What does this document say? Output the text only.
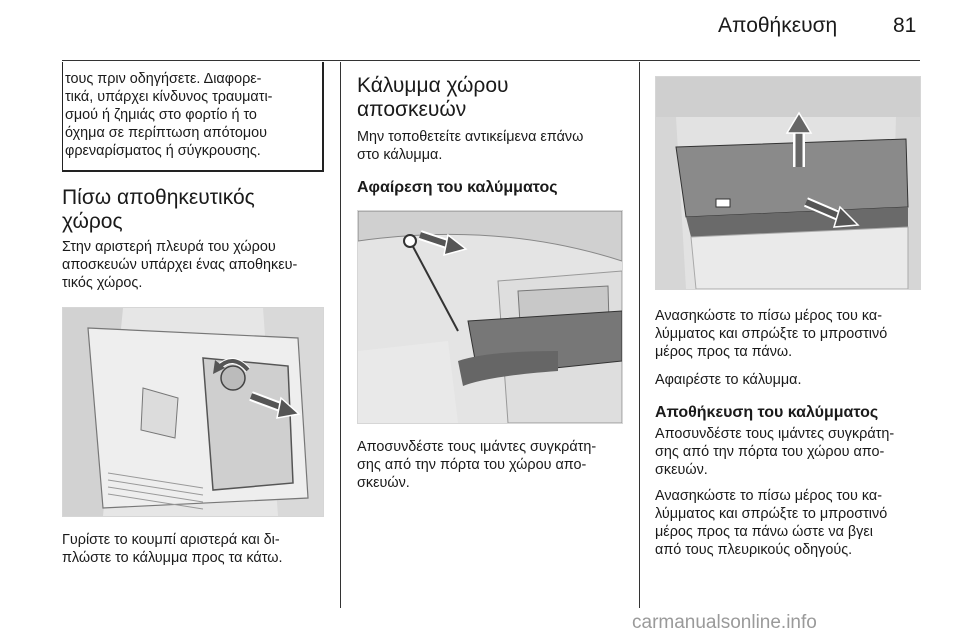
Αποθήκευση	81

τους πριν οδηγήσετε. Διαφορε-
τικά, υπάρχει κίνδυνος τραυματι-
σμού ή ζημιάς στο φορτίο ή το
όχημα σε περίπτωση απότομου
φρεναρίσματος ή σύγκρουσης.

Πίσω αποθηκευτικός
χώρος

Στην αριστερή πλευρά του χώρου
αποσκευών υπάρχει ένας αποθηκευ-
τικός χώρος.

Γυρίστε το κουμπί αριστερά και δι-
πλώστε το κάλυμμα προς τα κάτω.

Κάλυμμα χώρου
αποσκευών

Μην τοποθετείτε αντικείμενα επάνω
στο κάλυμμα.

Αφαίρεση του καλύμματος

Αποσυνδέστε τους ιμάντες συγκράτη-
σης από την πόρτα του χώρου απο-
σκευών.

Ανασηκώστε το πίσω μέρος του κα-
λύμματος και σπρώξτε το μπροστινό
μέρος προς τα πάνω.

Αφαιρέστε το κάλυμμα.

Αποθήκευση του καλύμματος

Αποσυνδέστε τους ιμάντες συγκράτη-
σης από την πόρτα του χώρου απο-
σκευών.

Ανασηκώστε το πίσω μέρος του κα-
λύμματος και σπρώξτε το μπροστινό
μέρος προς τα πάνω ώστε να βγει
από τους πλευρικούς οδηγούς.

carmanualsonline.info
